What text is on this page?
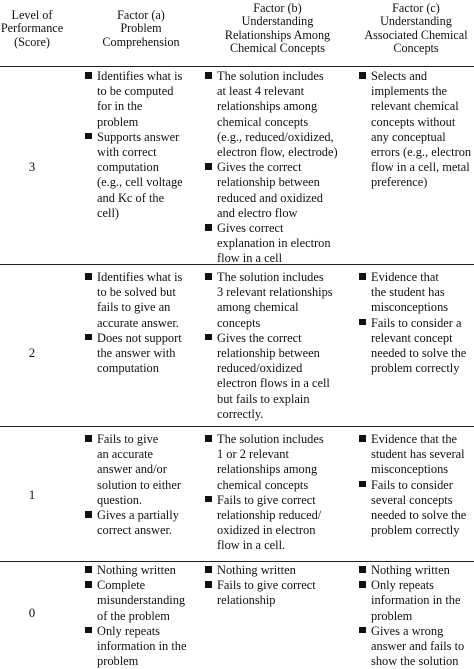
Level of
Performance
(Score)
Factor (a)
Problem
Comprehension
Factor (b)
Understanding
Relationships Among
Chemical Concepts
Factor (c)
Understanding
Associated Chemical
Concepts
3
2
1
0
Identifies what is
to be computed
for in the
problem
Supports answer
with correct
computation
(e.g., cell voltage
and Kc of the
cell)
The solution includes
at least 4 relevant
relationships among
chemical concepts
(e.g., reduced/oxidized,
electron flow, electrode)
Gives the correct
relationship between
reduced and oxidized
and electro flow
Gives correct
explanation in electron
flow in a cell
Selects and
implements the
relevant chemical
concepts without
any conceptual
errors (e.g., electron
flow in a cell, metal
preference)
Identifies what is
to be solved but
fails to give an
accurate answer.
Does not support
the answer with
computation
The solution includes
3 relevant relationships
among chemical
concepts
Gives the correct
relationship between
reduced/oxidized
electron flows in a cell
but fails to explain
correctly.
Evidence that
the student has
misconceptions
Fails to consider a
relevant concept
needed to solve the
problem correctly
Fails to give
an accurate
answer and/or
solution to either
question.
Gives a partially
correct answer.
The solution includes
1 or 2 relevant
relationships among
chemical concepts
Fails to give correct
relationship reduced/
oxidized in electron
flow in a cell.
Evidence that the
student has several
misconceptions
Fails to consider
several concepts
needed to solve the
problem correctly
Nothing written
Complete
misunderstanding
of the problem
Only repeats
information in the
problem
Nothing written
Fails to give correct
relationship
Nothing written
Only repeats
information in the
problem
Gives a wrong
answer and fails to
show the solution
